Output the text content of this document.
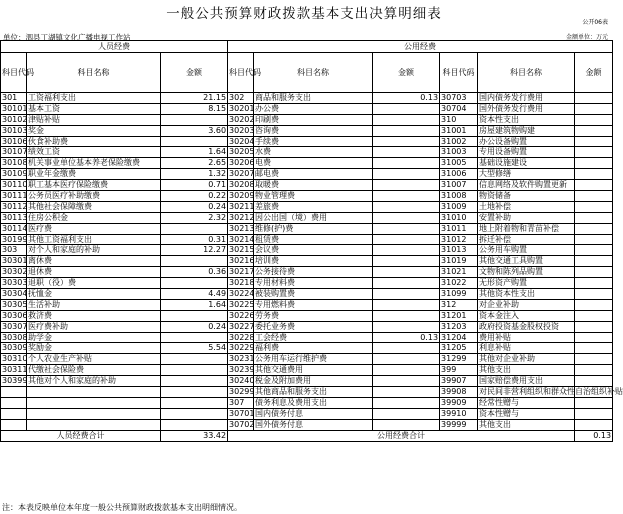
一般公共预算财政拨款基本支出决算明细表
公开06表
单位：泗县丁湖镇文化广播电视工作站	金额单位：万元
人员经费			公用经费					
科目代码	科目名称	金额	科目代码	科目名称	金额	科目代码	科目名称	金额
301	工资福利支出	21.15	302	商品和服务支出	0.13	30703	国内债务发行费用	
30101	基本工资	8.15	30201	办公费		30704	国外债务发行费用	
30102	津贴补贴		30202	印刷费		310	资本性支出	
30103	奖金	3.60	30203	咨询费		31001	房屋建筑物购建	
30106	伙食补助费		30204	手续费		31002	办公设备购置	
30107	绩效工资	1.64	30205	水费		31003	专用设备购置	
30108	机关事业单位基本养老保险缴费	2.65	30206	电费		31005	基础设施建设	
30109	职业年金缴费	1.32	30207	邮电费		31006	大型修缮	
30110	职工基本医疗保险缴费	0.71	30208	取暖费		31007	信息网络及软件购置更新	
30111	公务员医疗补助缴费	0.22	30209	物业管理费		31008	物资储备	
30112	其他社会保障缴费	0.24	30211	差旅费		31009	土地补偿	
30113	住房公积金	2.32	30212	因公出国（境）费用		31010	安置补助	
30114	医疗费		30213	维修(护)费		31011	地上附着物和青苗补偿	
30199	其他工资福利支出	0.31	30214	租赁费		31012	拆迁补偿	
303	对个人和家庭的补助	12.27	30215	会议费		31013	公务用车购置	
30301	离休费		30216	培训费		31019	其他交通工具购置	
30302	退休费	0.36	30217	公务接待费		31021	文物和陈列品购置	
30303	退职（役）费		30218	专用材料费		31022	无形资产购置	
30304	抚恤金	4.49	30224	被装购置费		31099	其他资本性支出	
30305	生活补助	1.64	30225	专用燃料费		312	对企业补助	
30306	救济费		30226	劳务费		31201	资本金注入	
30307	医疗费补助	0.24	30227	委托业务费		31203	政府投资基金股权投资	
30308	助学金		30228	工会经费	0.13	31204	费用补贴	
30309	奖励金	5.54	30229	福利费		31205	利息补贴	
30310	个人农业生产补贴		30231	公务用车运行维护费		31299	其他对企业补助	
30311	代缴社会保险费		30239	其他交通费用		399	其他支出	
30399	其他对个人和家庭的补助		30240	税金及附加费用		39907	国家赔偿费用支出	
			30299	其他商品和服务支出		39908	对民间非营利组织和群众性自治组织补贴	
			307	债务利息及费用支出		39909	经常性赠与	
			30701	国内债务付息		39910	资本性赠与	
			30702	国外债务付息		39999	其他支出	
人员经费合计		33.42	公用经费合计					0.13
注：本表反映单位本年度一般公共预算财政拨款基本支出明细情况。
